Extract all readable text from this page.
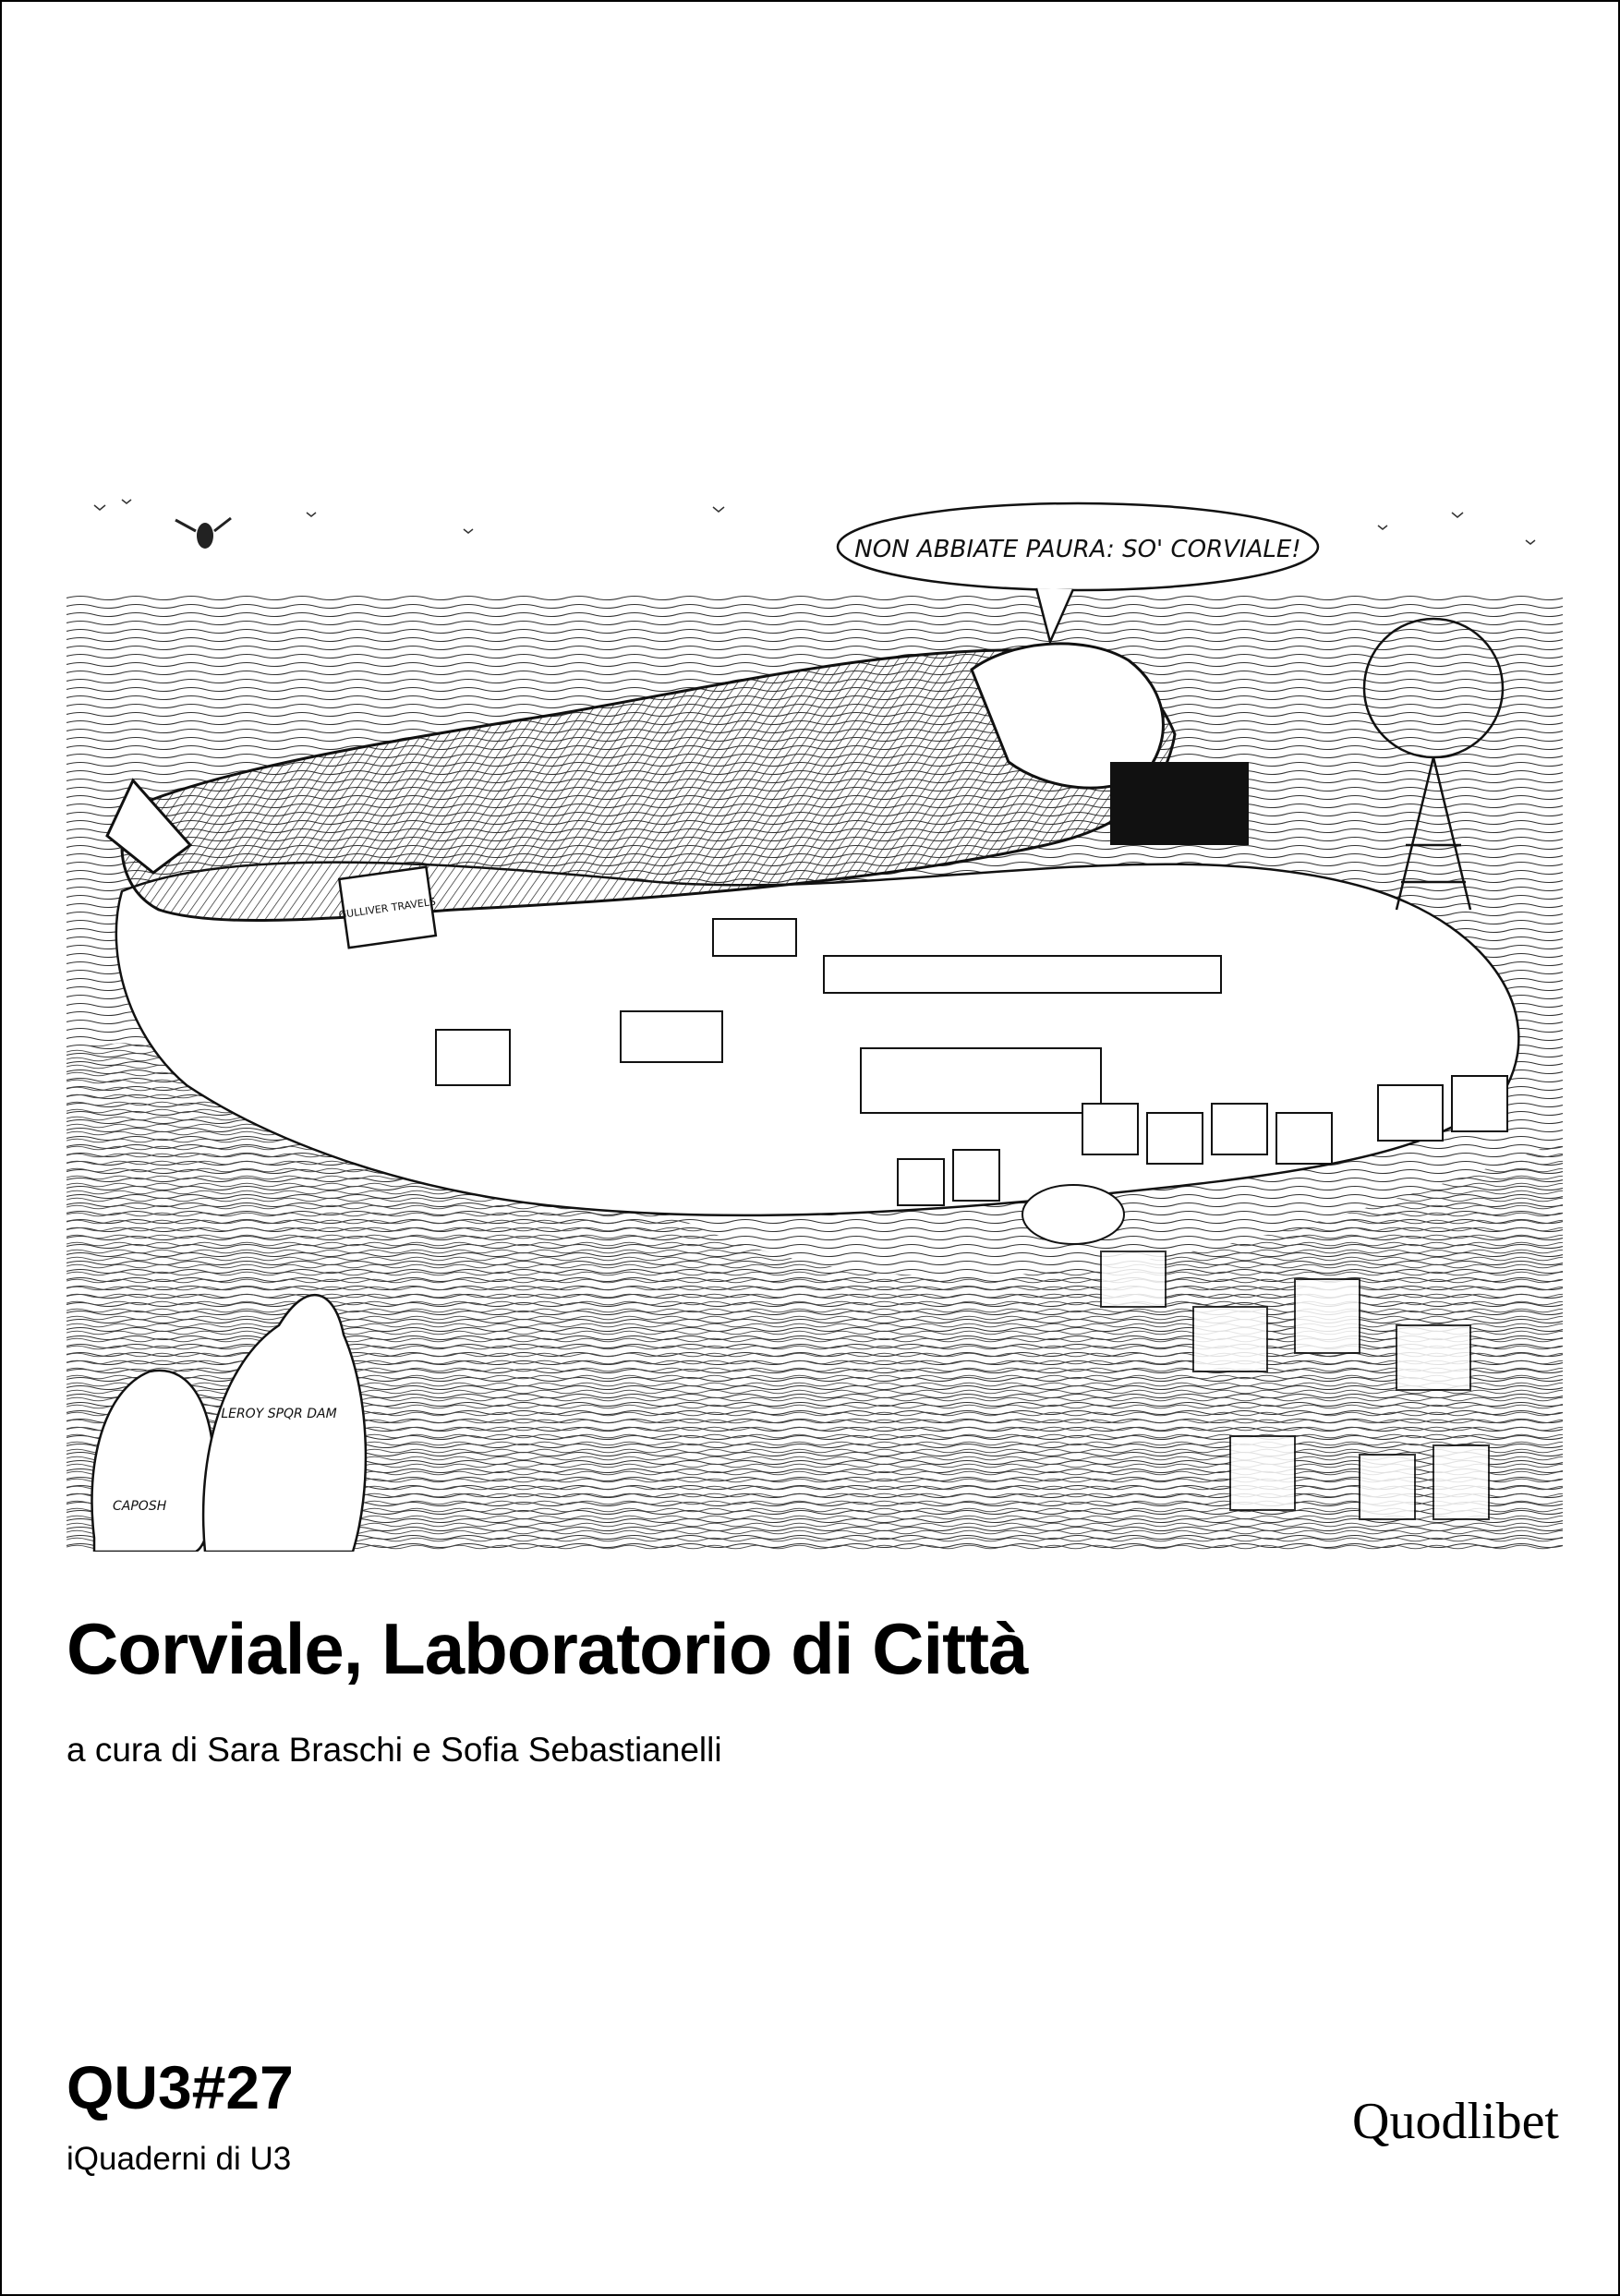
NON ABBIATE PAURA: SO' CORVIALE!
GULLIVER TRAVELS
LEROY SPQR DAM
CAPOSH
Corviale, Laboratorio di Città
a cura di Sara Braschi e Sofia Sebastianelli
QU3#27
iQuaderni di U3
Quodlibet
